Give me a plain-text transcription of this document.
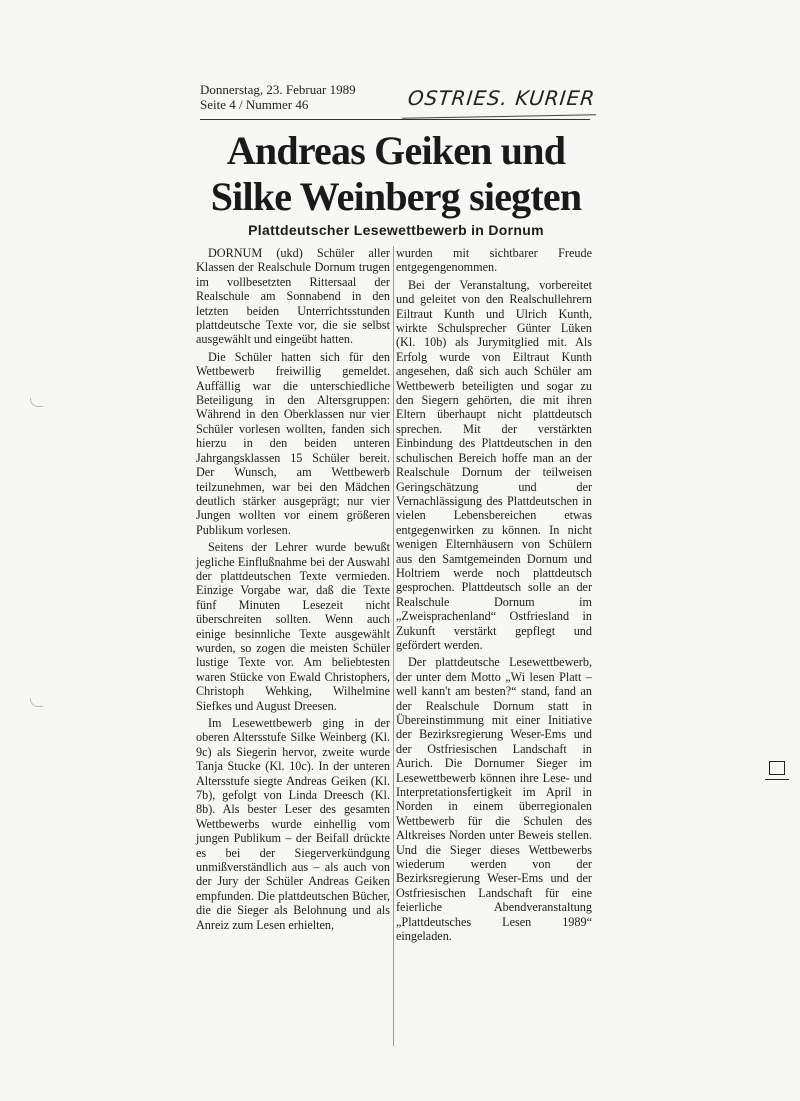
Donnerstag, 23. Februar 1989
Seite 4 / Nummer 46	OSTRIES. KURIER
Andreas Geiken und
Silke Weinberg siegten
Plattdeutscher Lesewettbewerb in Dornum

DORNUM (ukd) Schüler aller Klassen der Realschule Dornum trugen im vollbesetzten Rittersaal der Realschule am Sonnabend in den letzten beiden Unterrichtsstunden plattdeutsche Texte vor, die sie selbst ausgewählt und eingeübt hatten.

Die Schüler hatten sich für den Wettbewerb freiwillig gemeldet. Auffällig war die unterschiedliche Beteiligung in den Altersgruppen: Während in den Oberklassen nur vier Schüler vorlesen wollten, fanden sich hierzu in den beiden unteren Jahrgangsklassen 15 Schüler bereit. Der Wunsch, am Wettbewerb teilzunehmen, war bei den Mädchen deutlich stärker ausgeprägt; nur vier Jungen wollten vor einem größeren Publikum vorlesen.

Seitens der Lehrer wurde bewußt jegliche Einflußnahme bei der Auswahl der plattdeutschen Texte vermieden. Einzige Vorgabe war, daß die Texte fünf Minuten Lesezeit nicht überschreiten sollten. Wenn auch einige besinnliche Texte ausgewählt wurden, so zogen die meisten Schüler lustige Texte vor. Am beliebtesten waren Stücke von Ewald Christophers, Christoph Wehking, Wilhelmine Siefkes und August Dreesen.

Im Lesewettbewerb ging in der oberen Altersstufe Silke Weinberg (Kl. 9c) als Siegerin hervor, zweite wurde Tanja Stucke (Kl. 10c). In der unteren Altersstufe siegte Andreas Geiken (Kl. 7b), gefolgt von Linda Dreesch (Kl. 8b). Als bester Leser des gesamten Wettbewerbs wurde einhellig vom jungen Publikum – der Beifall drückte es bei der Siegerverkündgung unmißverständlich aus – als auch von der Jury der Schüler Andreas Geiken empfunden. Die plattdeutschen Bücher, die die Sieger als Belohnung und als Anreiz zum Lesen erhielten,

wurden mit sichtbarer Freude entgegengenommen.

Bei der Veranstaltung, vorbereitet und geleitet von den Realschullehrern Eiltraut Kunth und Ulrich Kunth, wirkte Schulsprecher Günter Lüken (Kl. 10b) als Jurymitglied mit. Als Erfolg wurde von Eiltraut Kunth angesehen, daß sich auch Schüler am Wettbewerb beteiligten und sogar zu den Siegern gehörten, die mit ihren Eltern überhaupt nicht plattdeutsch sprechen. Mit der verstärkten Einbindung des Plattdeutschen in den schulischen Bereich hoffe man an der Realschule Dornum der teilweisen Geringschätzung und der Vernachlässigung des Plattdeutschen in vielen Lebensbereichen etwas entgegenwirken zu können. In nicht wenigen Elternhäusern von Schülern aus den Samtgemeinden Dornum und Holtriem werde noch plattdeutsch gesprochen. Plattdeutsch solle an der Realschule Dornum im „Zweisprachenland“ Ostfriesland in Zukunft verstärkt gepflegt und gefördert werden.

Der plattdeutsche Lesewettbewerb, der unter dem Motto „Wi lesen Platt – well kann't am besten?“ stand, fand an der Realschule Dornum statt in Übereinstimmung mit einer Initiative der Bezirksregierung Weser-Ems und der Ostfriesischen Landschaft in Aurich. Die Dornumer Sieger im Lesewettbewerb können ihre Lese- und Interpretationsfertigkeit im April in Norden in einem überregionalen Wettbewerb für die Schulen des Altkreises Norden unter Beweis stellen. Und die Sieger dieses Wettbewerbs wiederum werden von der Bezirksregierung Weser-Ems und der Ostfriesischen Landschaft für eine feierliche Abendveranstaltung „Plattdeutsches Lesen 1989“ eingeladen.
